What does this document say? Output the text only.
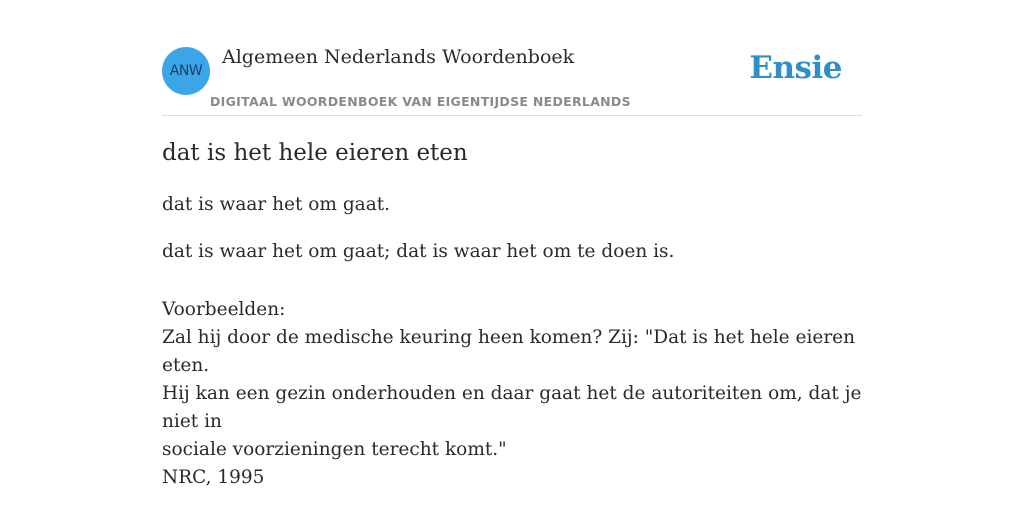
ANW
Algemeen Nederlands Woordenboek
DIGITAAL WOORDENBOEK VAN EIGENTIJDSE NEDERLANDS
Ensie
dat is het hele eieren eten

dat is waar het om gaat.

dat is waar het om gaat; dat is waar het om te doen is.

Voorbeelden:

Zal hij door de medische keuring heen komen? Zij: "Dat is het hele eieren eten.

Hij kan een gezin onderhouden en daar gaat het de autoriteiten om, dat je niet in

sociale voorzieningen terecht komt."

NRC, 1995
